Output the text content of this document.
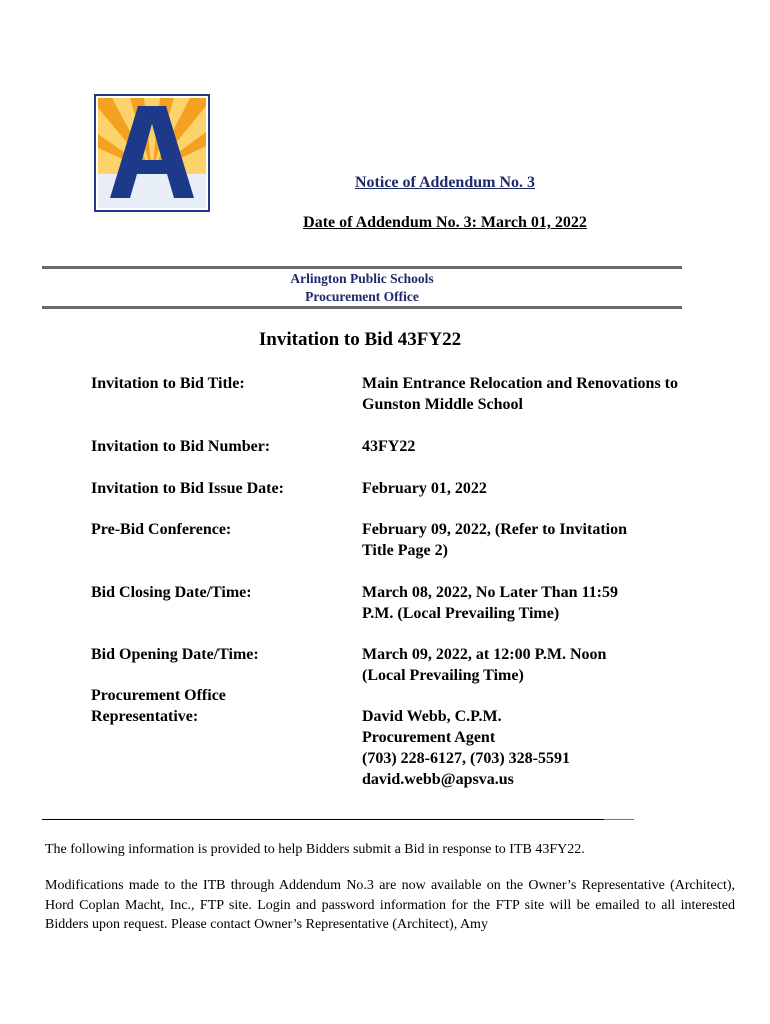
Notice of Addendum No. 3
Date of Addendum No. 3: March 01, 2022
Arlington Public Schools
Procurement Office
Invitation to Bid 43FY22
Invitation to Bid Title:	Main Entrance Relocation and Renovations to
Gunston Middle School
Invitation to Bid Number:	43FY22
Invitation to Bid Issue Date:	February 01, 2022
Pre-Bid Conference:	February 09, 2022, (Refer to Invitation
Title Page 2)
Bid Closing Date/Time:	March 08, 2022, No Later Than 11:59
P.M. (Local Prevailing Time)
Bid Opening Date/Time:	March 09, 2022, at 12:00 P.M. Noon
(Local Prevailing Time)
Procurement Office
Representative:	David Webb, C.P.M.
Procurement Agent
(703) 228-6127, (703) 328-5591
david.webb@apsva.us
The following information is provided to help Bidders submit a Bid in response to ITB 43FY22.
Modifications made to the ITB through Addendum No.3 are now available on the Owner’s Representative (Architect), Hord Coplan Macht, Inc., FTP site. Login and password information for the FTP site will be emailed to all interested Bidders upon request. Please contact Owner’s Representative (Architect), Amy
